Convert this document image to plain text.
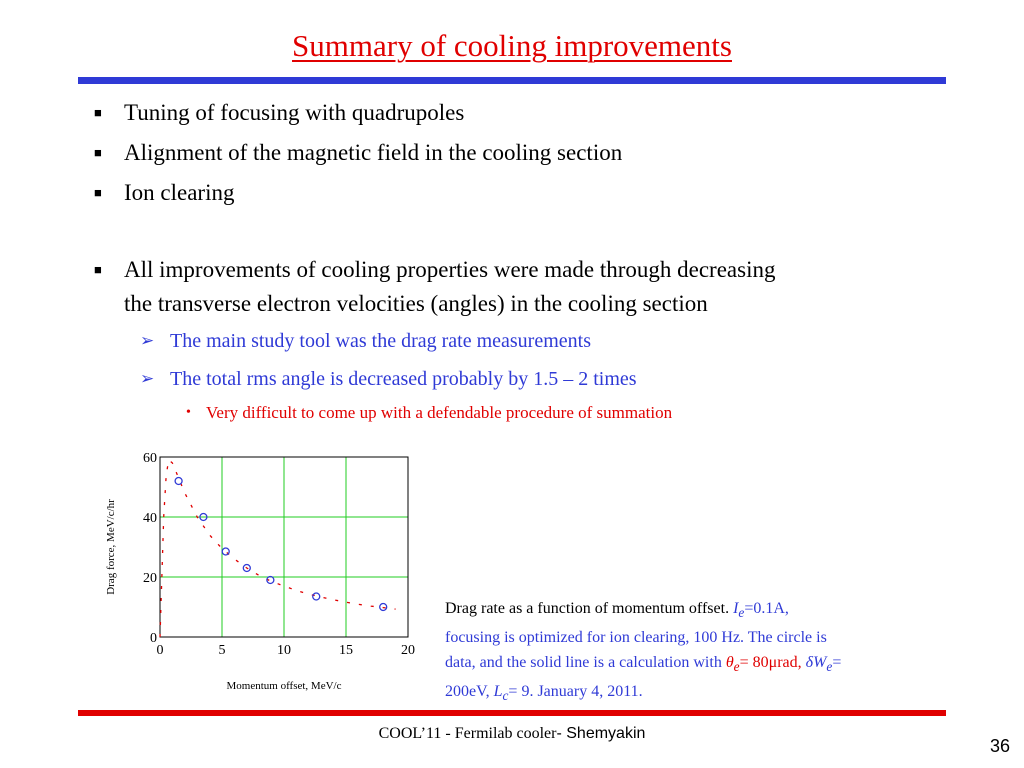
Summary of cooling improvements
■ Tuning of focusing with quadrupoles
■ Alignment of the magnetic field in the cooling section
■ Ion clearing
■ All improvements of cooling properties were made through decreasing
the transverse electron velocities (angles) in the cooling section
➢ The main study tool was the drag rate measurements
➢ The total rms angle is decreased probably by 1.5 – 2 times
• Very difficult to come up with a defendable procedure of summation
0	5	10	15	20
0
20
40
60
Momentum offset, MeV/c
Drag force, MeV/c/hr
Drag rate as a function of momentum offset. $I_e=0.1A$,
focusing is optimized for ion clearing, 100 Hz. The circle is
data, and the solid line is a calculation with $\theta_e= 80\mu rad$, $\delta W_e=$
200eV, $L_c= 9$. January 4, 2011.
COOL’11 - Fermilab cooler- Shemyakin
36
